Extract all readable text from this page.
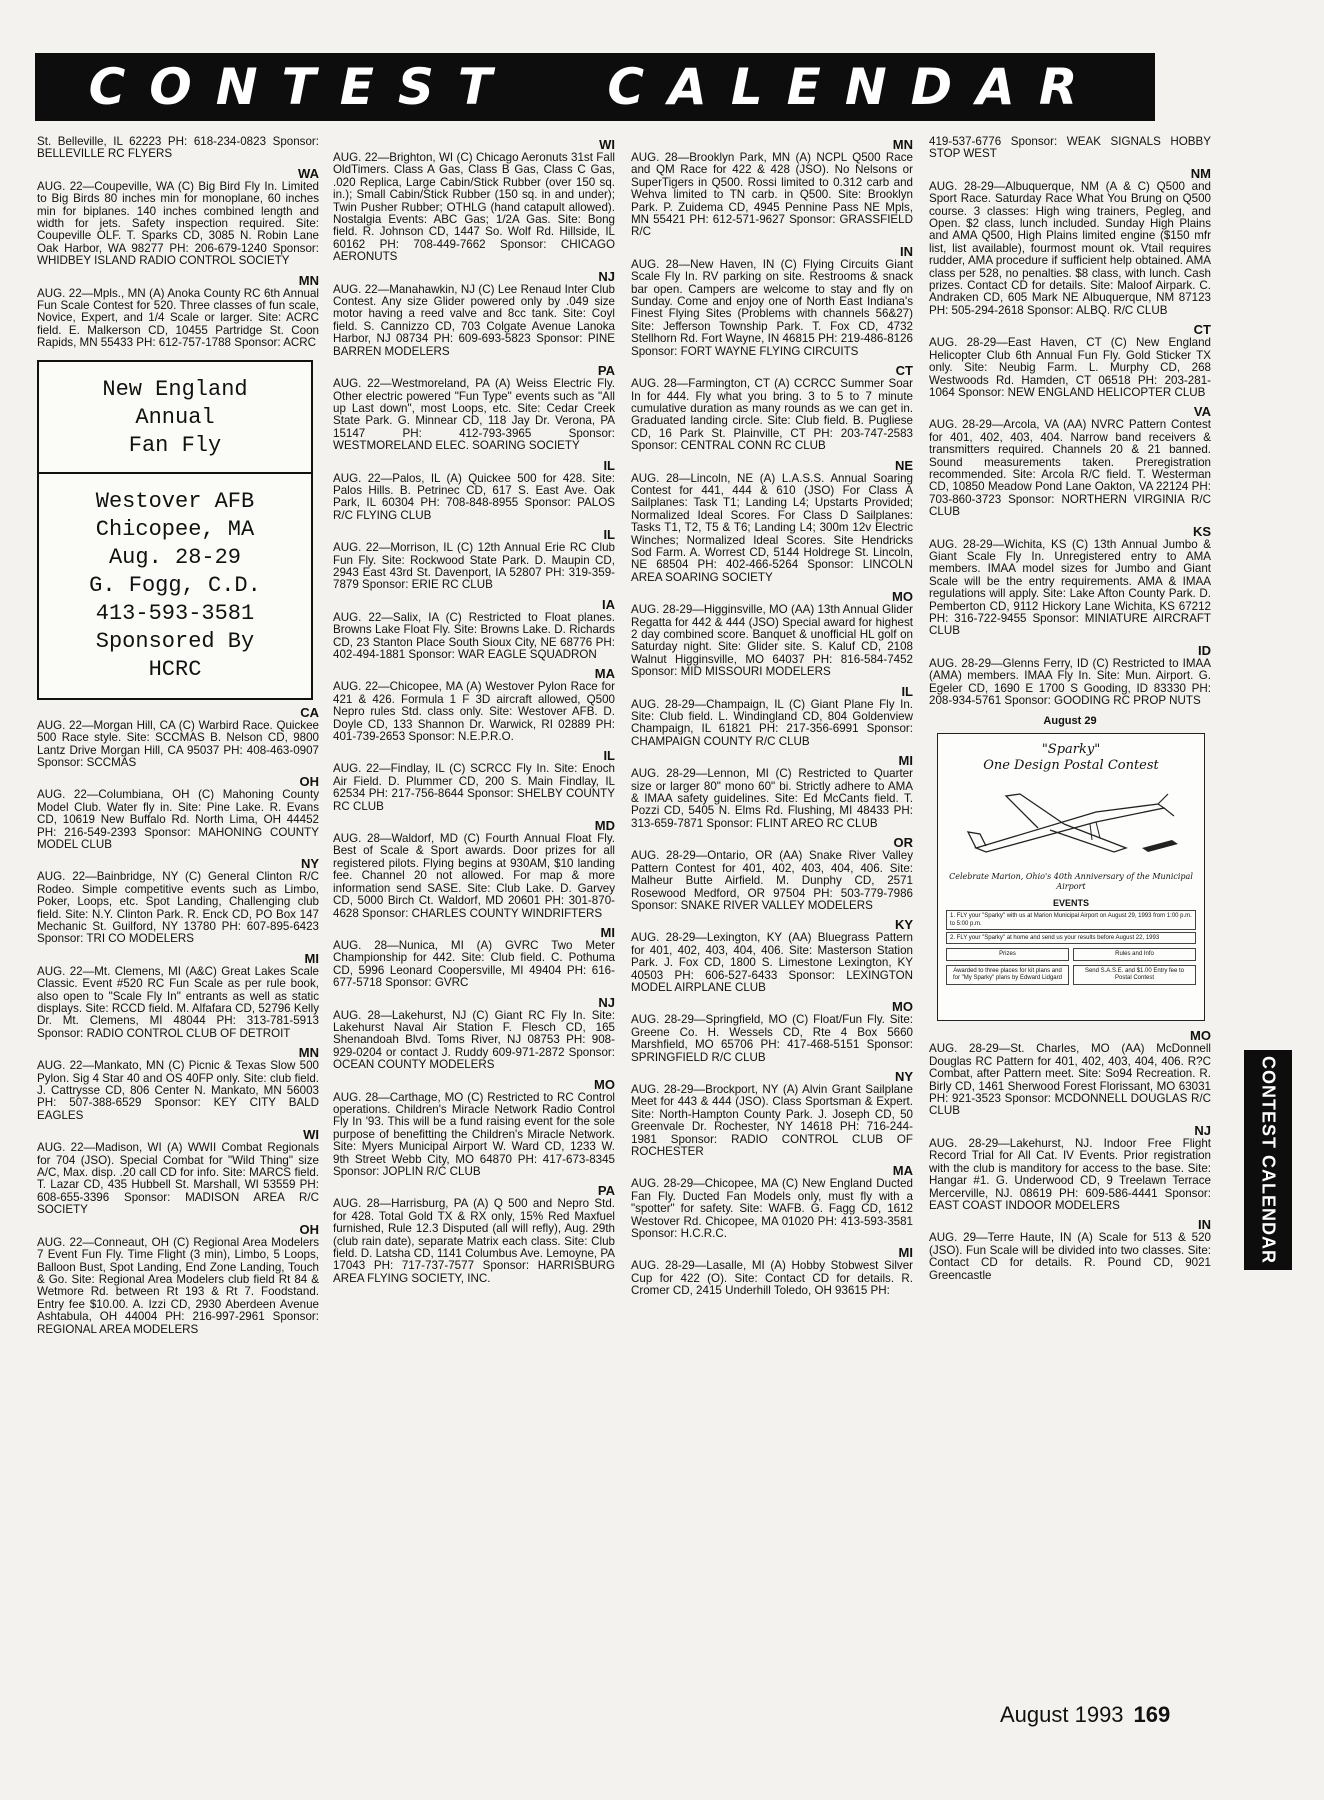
CONTEST CALENDAR
St. Belleville, IL 62223 PH: 618-234-0823 Sponsor: BELLEVILLE RC FLYERS
WA
AUG. 22—Coupeville, WA (C) Big Bird Fly In. Limited to Big Birds 80 inches min for monoplane, 60 inches min for biplanes. 140 inches combined length and width for jets. Safety inspection required. Site: Coupeville OLF. T. Sparks CD, 3085 N. Robin Lane Oak Harbor, WA 98277 PH: 206-679-1240 Sponsor: WHIDBEY ISLAND RADIO CONTROL SOCIETY
MN
AUG. 22—Mpls., MN (A) Anoka County RC 6th Annual Fun Scale Contest for 520. Three classes of fun scale, Novice, Expert, and 1/4 Scale or larger. Site: ACRC field. E. Malkerson CD, 10455 Partridge St. Coon Rapids, MN 55433 PH: 612-757-1788 Sponsor: ACRC
New England
Annual
Fan Fly
Westover AFB
Chicopee, MA
Aug. 28-29
G. Fogg, C.D.
413-593-3581
Sponsored By
HCRC
CA
AUG. 22—Morgan Hill, CA (C) Warbird Race. Quickee 500 Race style. Site: SCCMAS B. Nelson CD, 9800 Lantz Drive Morgan Hill, CA 95037 PH: 408-463-0907 Sponsor: SCCMAS
OH
AUG. 22—Columbiana, OH (C) Mahoning County Model Club. Water fly in. Site: Pine Lake. R. Evans CD, 10619 New Buffalo Rd. North Lima, OH 44452 PH: 216-549-2393 Sponsor: MAHONING COUNTY MODEL CLUB
NY
AUG. 22—Bainbridge, NY (C) General Clinton R/C Rodeo. Simple competitive events such as Limbo, Poker, Loops, etc. Spot Landing, Challenging club field. Site: N.Y. Clinton Park. R. Enck CD, PO Box 147 Mechanic St. Guilford, NY 13780 PH: 607-895-6423 Sponsor: TRI CO MODELERS
MI
AUG. 22—Mt. Clemens, MI (A&C) Great Lakes Scale Classic. Event #520 RC Fun Scale as per rule book, also open to "Scale Fly In" entrants as well as static displays. Site: RCCD field. M. Alfafara CD, 52796 Kelly Dr. Mt. Clemens, MI 48044 PH: 313-781-5913 Sponsor: RADIO CONTROL CLUB OF DETROIT
MN
AUG. 22—Mankato, MN (C) Picnic & Texas Slow 500 Pylon. Sig 4 Star 40 and OS 40FP only. Site: club field. J. Cattrysse CD, 806 Center N. Mankato, MN 56003 PH: 507-388-6529 Sponsor: KEY CITY BALD EAGLES
WI
AUG. 22—Madison, WI (A) WWII Combat Regionals for 704 (JSO). Special Combat for "Wild Thing" size A/C, Max. disp. .20 call CD for info. Site: MARCS field. T. Lazar CD, 435 Hubbell St. Marshall, WI 53559 PH: 608-655-3396 Sponsor: MADISON AREA R/C SOCIETY
OH
AUG. 22—Conneaut, OH (C) Regional Area Modelers 7 Event Fun Fly. Time Flight (3 min), Limbo, 5 Loops, Balloon Bust, Spot Landing, End Zone Landing, Touch & Go. Site: Regional Area Modelers club field Rt 84 & Wetmore Rd. between Rt 193 & Rt 7. Foodstand. Entry fee $10.00. A. Izzi CD, 2930 Aberdeen Avenue Ashtabula, OH 44004 PH: 216-997-2961 Sponsor: REGIONAL AREA MODELERS
WI
AUG. 22—Brighton, WI (C) Chicago Aeronuts 31st Fall OldTimers. Class A Gas, Class B Gas, Class C Gas, .020 Replica, Large Cabin/Stick Rubber (over 150 sq. in.); Small Cabin/Stick Rubber (150 sq. in and under); Twin Pusher Rubber; OTHLG (hand catapult allowed). Nostalgia Events: ABC Gas; 1/2A Gas. Site: Bong field. R. Johnson CD, 1447 So. Wolf Rd. Hillside, IL 60162 PH: 708-449-7662 Sponsor: CHICAGO AERONUTS
NJ
AUG. 22—Manahawkin, NJ (C) Lee Renaud Inter Club Contest. Any size Glider powered only by .049 size motor having a reed valve and 8cc tank. Site: Coyl field. S. Cannizzo CD, 703 Colgate Avenue Lanoka Harbor, NJ 08734 PH: 609-693-5823 Sponsor: PINE BARREN MODELERS
PA
AUG. 22—Westmoreland, PA (A) Weiss Electric Fly. Other electric powered "Fun Type" events such as "All up Last down", most Loops, etc. Site: Cedar Creek State Park. G. Minnear CD, 118 Jay Dr. Verona, PA 15147 PH: 412-793-3965 Sponsor: WESTMORELAND ELEC. SOARING SOCIETY
IL
AUG. 22—Palos, IL (A) Quickee 500 for 428. Site: Palos Hills. B. Petrinec CD, 617 S. East Ave. Oak Park, IL 60304 PH: 708-848-8955 Sponsor: PALOS R/C FLYING CLUB
IL
AUG. 22—Morrison, IL (C) 12th Annual Erie RC Club Fun Fly. Site: Rockwood State Park. D. Maupin CD, 2943 East 43rd St. Davenport, IA 52807 PH: 319-359-7879 Sponsor: ERIE RC CLUB
IA
AUG. 22—Salix, IA (C) Restricted to Float planes. Browns Lake Float Fly. Site: Browns Lake. D. Richards CD, 23 Stanton Place South Sioux City, NE 68776 PH: 402-494-1881 Sponsor: WAR EAGLE SQUADRON
MA
AUG. 22—Chicopee, MA (A) Westover Pylon Race for 421 & 426. Formula 1 F 3D aircraft allowed, Q500 Nepro rules Std. class only. Site: Westover AFB. D. Doyle CD, 133 Shannon Dr. Warwick, RI 02889 PH: 401-739-2653 Sponsor: N.E.P.R.O.
IL
AUG. 22—Findlay, IL (C) SCRCC Fly In. Site: Enoch Air Field. D. Plummer CD, 200 S. Main Findlay, IL 62534 PH: 217-756-8644 Sponsor: SHELBY COUNTY RC CLUB
MD
AUG. 28—Waldorf, MD (C) Fourth Annual Float Fly. Best of Scale & Sport awards. Door prizes for all registered pilots. Flying begins at 930AM, $10 landing fee. Channel 20 not allowed. For map & more information send SASE. Site: Club Lake. D. Garvey CD, 5000 Birch Ct. Waldorf, MD 20601 PH: 301-870-4628 Sponsor: CHARLES COUNTY WINDRIFTERS
MI
AUG. 28—Nunica, MI (A) GVRC Two Meter Championship for 442. Site: Club field. C. Pothuma CD, 5996 Leonard Coopersville, MI 49404 PH: 616-677-5718 Sponsor: GVRC
NJ
AUG. 28—Lakehurst, NJ (C) Giant RC Fly In. Site: Lakehurst Naval Air Station F. Flesch CD, 165 Shenandoah Blvd. Toms River, NJ 08753 PH: 908-929-0204 or contact J. Ruddy 609-971-2872 Sponsor: OCEAN COUNTY MODELERS
MO
AUG. 28—Carthage, MO (C) Restricted to RC Control operations. Children's Miracle Network Radio Control Fly In '93. This will be a fund raising event for the sole purpose of benefitting the Children's Miracle Network. Site: Myers Municipal Airport W. Ward CD, 1233 W. 9th Street Webb City, MO 64870 PH: 417-673-8345 Sponsor: JOPLIN R/C CLUB
PA
AUG. 28—Harrisburg, PA (A) Q 500 and Nepro Std. for 428. Total Gold TX & RX only, 15% Red Maxfuel furnished, Rule 12.3 Disputed (all will refly), Aug. 29th (club rain date), separate Matrix each class. Site: Club field. D. Latsha CD, 1141 Columbus Ave. Lemoyne, PA 17043 PH: 717-737-7577 Sponsor: HARRISBURG AREA FLYING SOCIETY, INC.
MN
AUG. 28—Brooklyn Park, MN (A) NCPL Q500 Race and QM Race for 422 & 428 (JSO). No Nelsons or SuperTigers in Q500. Rossi limited to 0.312 carb and Wehva limited to TN carb. in Q500. Site: Brooklyn Park. P. Zuidema CD, 4945 Pennine Pass NE Mpls, MN 55421 PH: 612-571-9627 Sponsor: GRASSFIELD R/C
IN
AUG. 28—New Haven, IN (C) Flying Circuits Giant Scale Fly In. RV parking on site. Restrooms & snack bar open. Campers are welcome to stay and fly on Sunday. Come and enjoy one of North East Indiana's Finest Flying Sites (Problems with channels 56&27) Site: Jefferson Township Park. T. Fox CD, 4732 Stellhorn Rd. Fort Wayne, IN 46815 PH: 219-486-8126 Sponsor: FORT WAYNE FLYING CIRCUITS
CT
AUG. 28—Farmington, CT (A) CCRCC Summer Soar In for 444. Fly what you bring. 3 to 5 to 7 minute cumulative duration as many rounds as we can get in. Graduated landing circle. Site: Club field. B. Pugliese CD, 16 Park St. Plainville, CT PH: 203-747-2583 Sponsor: CENTRAL CONN RC CLUB
NE
AUG. 28—Lincoln, NE (A) L.A.S.S. Annual Soaring Contest for 441, 444 & 610 (JSO) For Class A Sailplanes: Task T1; Landing L4; Upstarts Provided; Normalized Ideal Scores. For Class D Sailplanes: Tasks T1, T2, T5 & T6; Landing L4; 300m 12v Electric Winches; Normalized Ideal Scores. Site Hendricks Sod Farm. A. Worrest CD, 5144 Holdrege St. Lincoln, NE 68504 PH: 402-466-5264 Sponsor: LINCOLN AREA SOARING SOCIETY
MO
AUG. 28-29—Higginsville, MO (AA) 13th Annual Glider Regatta for 442 & 444 (JSO) Special award for highest 2 day combined score. Banquet & unofficial HL golf on Saturday night. Site: Glider site. S. Kaluf CD, 2108 Walnut Higginsville, MO 64037 PH: 816-584-7452 Sponsor: MID MISSOURI MODELERS
IL
AUG. 28-29—Champaign, IL (C) Giant Plane Fly In. Site: Club field. L. Windingland CD, 804 Goldenview Champaign, IL 61821 PH: 217-356-6991 Sponsor: CHAMPAIGN COUNTY R/C CLUB
MI
AUG. 28-29—Lennon, MI (C) Restricted to Quarter size or larger 80" mono 60" bi. Strictly adhere to AMA & IMAA safety guidelines. Site: Ed McCants field. T. Pozzi CD, 5405 N. Elms Rd. Flushing, MI 48433 PH: 313-659-7871 Sponsor: FLINT AREO RC CLUB
OR
AUG. 28-29—Ontario, OR (AA) Snake River Valley Pattern Contest for 401, 402, 403, 404, 406. Site: Malheur Butte Airfield. M. Dunphy CD, 2571 Rosewood Medford, OR 97504 PH: 503-779-7986 Sponsor: SNAKE RIVER VALLEY MODELERS
KY
AUG. 28-29—Lexington, KY (AA) Bluegrass Pattern for 401, 402, 403, 404, 406. Site: Masterson Station Park. J. Fox CD, 1800 S. Limestone Lexington, KY 40503 PH: 606-527-6433 Sponsor: LEXINGTON MODEL AIRPLANE CLUB
MO
AUG. 28-29—Springfield, MO (C) Float/Fun Fly. Site: Greene Co. H. Wessels CD, Rte 4 Box 5660 Marshfield, MO 65706 PH: 417-468-5151 Sponsor: SPRINGFIELD R/C CLUB
NY
AUG. 28-29—Brockport, NY (A) Alvin Grant Sailplane Meet for 443 & 444 (JSO). Class Sportsman & Expert. Site: North-Hampton County Park. J. Joseph CD, 50 Greenvale Dr. Rochester, NY 14618 PH: 716-244-1981 Sponsor: RADIO CONTROL CLUB OF ROCHESTER
MA
AUG. 28-29—Chicopee, MA (C) New England Ducted Fan Fly. Ducted Fan Models only, must fly with a "spotter" for safety. Site: WAFB. G. Fagg CD, 1612 Westover Rd. Chicopee, MA 01020 PH: 413-593-3581 Sponsor: H.C.R.C.
MI
AUG. 28-29—Lasalle, MI (A) Hobby Stobwest Silver Cup for 422 (O). Site: Contact CD for details. R. Cromer CD, 2415 Underhill Toledo, OH 93615 PH:
419-537-6776 Sponsor: WEAK SIGNALS HOBBY STOP WEST
NM
AUG. 28-29—Albuquerque, NM (A & C) Q500 and Sport Race. Saturday Race What You Brung on Q500 course. 3 classes: High wing trainers, Pegleg, and Open. $2 class, lunch included. Sunday High Plains and AMA Q500, High Plains limited engine ($150 mfr list, list available), fourmost mount ok. Vtail requires rudder, AMA procedure if sufficient help obtained. AMA class per 528, no penalties. $8 class, with lunch. Cash prizes. Contact CD for details. Site: Maloof Airpark. C. Andraken CD, 605 Mark NE Albuquerque, NM 87123 PH: 505-294-2618 Sponsor: ALBQ. R/C CLUB
CT
AUG. 28-29—East Haven, CT (C) New England Helicopter Club 6th Annual Fun Fly. Gold Sticker TX only. Site: Neubig Farm. L. Murphy CD, 268 Westwoods Rd. Hamden, CT 06518 PH: 203-281-1064 Sponsor: NEW ENGLAND HELICOPTER CLUB
VA
AUG. 28-29—Arcola, VA (AA) NVRC Pattern Contest for 401, 402, 403, 404. Narrow band receivers & transmitters required. Channels 20 & 21 banned. Sound measurements taken. Preregistration recommended. Site: Arcola R/C field. T. Westerman CD, 10850 Meadow Pond Lane Oakton, VA 22124 PH: 703-860-3723 Sponsor: NORTHERN VIRGINIA R/C CLUB
KS
AUG. 28-29—Wichita, KS (C) 13th Annual Jumbo & Giant Scale Fly In. Unregistered entry to AMA members. IMAA model sizes for Jumbo and Giant Scale will be the entry requirements. AMA & IMAA regulations will apply. Site: Lake Afton County Park. D. Pemberton CD, 9112 Hickory Lane Wichita, KS 67212 PH: 316-722-9455 Sponsor: MINIATURE AIRCRAFT CLUB
ID
AUG. 28-29—Glenns Ferry, ID (C) Restricted to IMAA (AMA) members. IMAA Fly In. Site: Mun. Airport. G. Egeler CD, 1690 E 1700 S Gooding, ID 83330 PH: 208-934-5761 Sponsor: GOODING RC PROP NUTS
August 29
"Sparky"
One Design Postal Contest
Celebrate Marion, Ohio's 40th Anniversary of the Municipal Airport
EVENTS
1. FLY your "Sparky" with us at Marion Municipal Airport on August 29, 1993 from 1:00 p.m. to 5:00 p.m.
2. FLY your "Sparky" at home and send us your results before August 22, 1993
Prizes	Rules and Info
Awarded to three places for kit plans and for "My Sparky" plans by Edward Lidgard
Send S.A.S.E. and $1.00 Entry fee to Postal Contest
MO
AUG. 28-29—St. Charles, MO (AA) McDonnell Douglas RC Pattern for 401, 402, 403, 404, 406. R?C Combat, after Pattern meet. Site: So94 Recreation. R. Birly CD, 1461 Sherwood Forest Florissant, MO 63031 PH: 921-3523 Sponsor: MCDONNELL DOUGLAS R/C CLUB
NJ
AUG. 28-29—Lakehurst, NJ. Indoor Free Flight Record Trial for All Cat. IV Events. Prior registration with the club is manditory for access to the base. Site: Hangar #1. G. Underwood CD, 9 Treelawn Terrace Mercerville, NJ. 08619 PH: 609-586-4441 Sponsor: EAST COAST INDOOR MODELERS
IN
AUG. 29—Terre Haute, IN (A) Scale for 513 & 520 (JSO). Fun Scale will be divided into two classes. Site: Contact CD for details. R. Pound CD, 9021 Greencastle
CONTEST CALENDAR
August 1993 169
